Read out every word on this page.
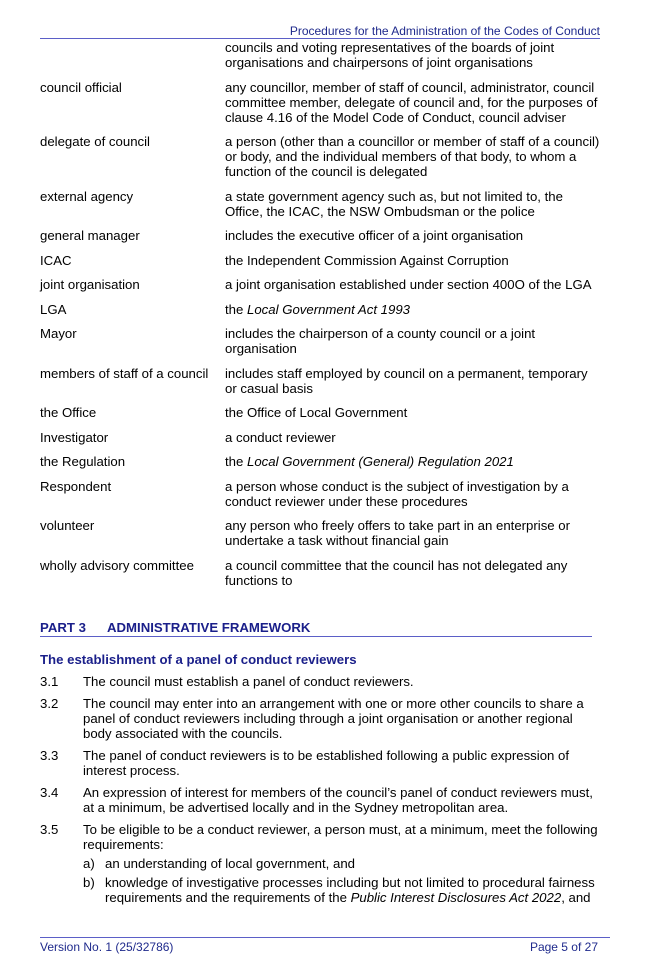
Procedures for the Administration of the Codes of Conduct
councils and voting representatives of the boards of joint organisations and chairpersons of joint organisations
council official	any councillor, member of staff of council, administrator, council committee member, delegate of council and, for the purposes of clause 4.16 of the Model Code of Conduct, council adviser
delegate of council	a person (other than a councillor or member of staff of a council) or body, and the individual members of that body, to whom a function of the council is delegated
external agency	a state government agency such as, but not limited to, the Office, the ICAC, the NSW Ombudsman or the police
general manager	includes the executive officer of a joint organisation
ICAC	the Independent Commission Against Corruption
joint organisation	a joint organisation established under section 400O of the LGA
LGA	the Local Government Act 1993
Mayor	includes the chairperson of a county council or a joint organisation
members of staff of a council	includes staff employed by council on a permanent, temporary or casual basis
the Office	the Office of Local Government
Investigator	a conduct reviewer
the Regulation	the Local Government (General) Regulation 2021
Respondent	a person whose conduct is the subject of investigation by a conduct reviewer under these procedures
volunteer	any person who freely offers to take part in an enterprise or undertake a task without financial gain
wholly advisory committee	a council committee that the council has not delegated any functions to
PART 3 ADMINISTRATIVE FRAMEWORK
The establishment of a panel of conduct reviewers
3.1	The council must establish a panel of conduct reviewers.
3.2	The council may enter into an arrangement with one or more other councils to share a panel of conduct reviewers including through a joint organisation or another regional body associated with the councils.
3.3	The panel of conduct reviewers is to be established following a public expression of interest process.
3.4	An expression of interest for members of the council’s panel of conduct reviewers must, at a minimum, be advertised locally and in the Sydney metropolitan area.
3.5	To be eligible to be a conduct reviewer, a person must, at a minimum, meet the following requirements:
a) an understanding of local government, and
b) knowledge of investigative processes including but not limited to procedural fairness requirements and the requirements of the Public Interest Disclosures Act 2022, and
Version No. 1 (25/32786)	Page 5 of 27
